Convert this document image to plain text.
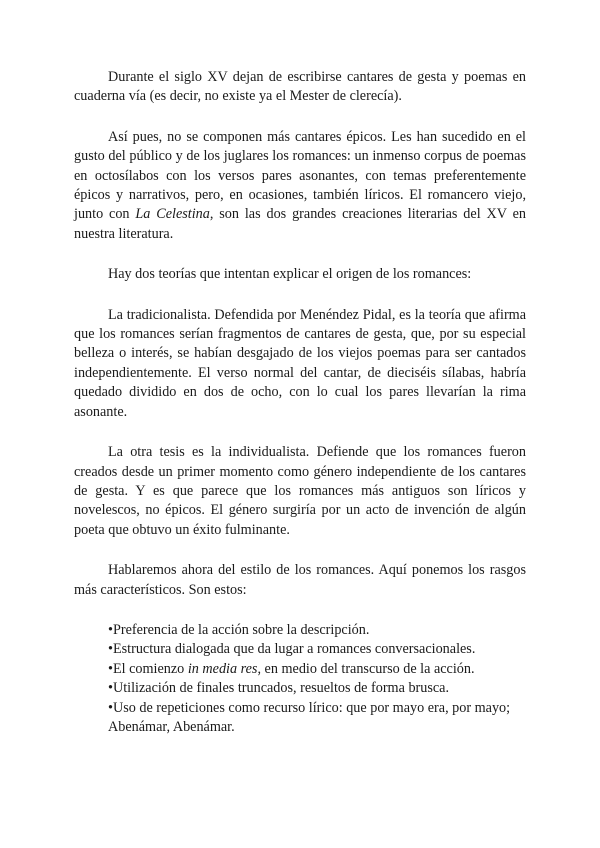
Durante el siglo XV dejan de escribirse cantares de gesta y poemas en cuaderna vía (es decir, no existe ya el Mester de clerecía).

Así pues, no se componen más cantares épicos. Les han sucedido en el gusto del público y de los juglares los romances: un inmenso corpus de poemas en octosílabos con los versos pares asonantes, con temas preferentemente épicos y narrativos, pero, en ocasiones, también líricos. El romancero viejo, junto con La Celestina, son las dos grandes creaciones literarias del XV en nuestra literatura.

Hay dos teorías que intentan explicar el origen de los romances:

La tradicionalista. Defendida por Menéndez Pidal, es la teoría que afirma que los romances serían fragmentos de cantares de gesta, que, por su especial belleza o interés, se habían desgajado de los viejos poemas para ser cantados independientemente. El verso normal del cantar, de dieciséis sílabas, habría quedado dividido en dos de ocho, con lo cual los pares llevarían la rima asonante.

La otra tesis es la individualista. Defiende que los romances fueron creados desde un primer momento como género independiente de los cantares de gesta. Y es que parece que los romances más antiguos son líricos y novelescos, no épicos. El género surgiría por un acto de invención de algún poeta que obtuvo un éxito fulminante.

Hablaremos ahora del estilo de los romances. Aquí ponemos los rasgos más característicos. Son estos:

•Preferencia de la acción sobre la descripción.
•Estructura dialogada que da lugar a romances conversacionales.
•El comienzo in media res, en medio del transcurso de la acción.
•Utilización de finales truncados, resueltos de forma brusca.
•Uso de repeticiones como recurso lírico: que por mayo era, por mayo; Abenámar, Abenámar.
